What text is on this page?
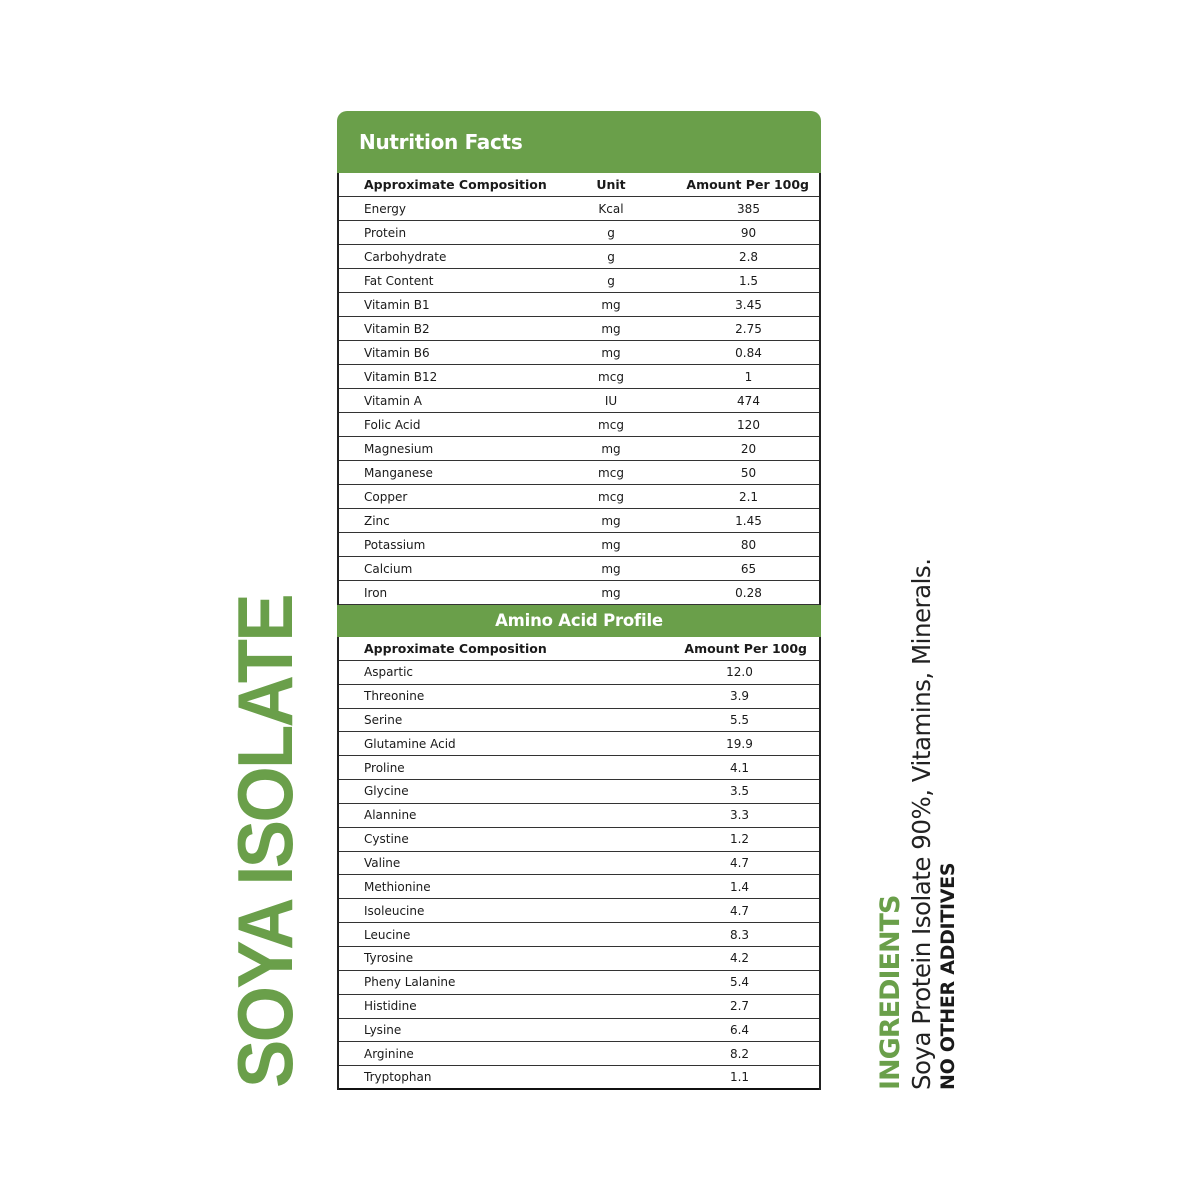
SOYA ISOLATE
Nutrition Facts
Approximate Composition	Unit	Amount Per 100g
Energy	Kcal	385
Protein	g	90
Carbohydrate	g	2.8
Fat Content	g	1.5
Vitamin B1	mg	3.45
Vitamin B2	mg	2.75
Vitamin B6	mg	0.84
Vitamin B12	mcg	1
Vitamin A	IU	474
Folic Acid	mcg	120
Magnesium	mg	20
Manganese	mcg	50
Copper	mcg	2.1
Zinc	mg	1.45
Potassium	mg	80
Calcium	mg	65
Iron	mg	0.28
Amino Acid Profile
Approximate Composition	Amount Per 100g
Aspartic	12.0
Threonine	3.9
Serine	5.5
Glutamine Acid	19.9
Proline	4.1
Glycine	3.5
Alannine	3.3
Cystine	1.2
Valine	4.7
Methionine	1.4
Isoleucine	4.7
Leucine	8.3
Tyrosine	4.2
Pheny Lalanine	5.4
Histidine	2.7
Lysine	6.4
Arginine	8.2
Tryptophan	1.1	INGREDIENTS Soya Protein Isolate 90%, Vitamins, Minerals. NO OTHER ADDITIVES
